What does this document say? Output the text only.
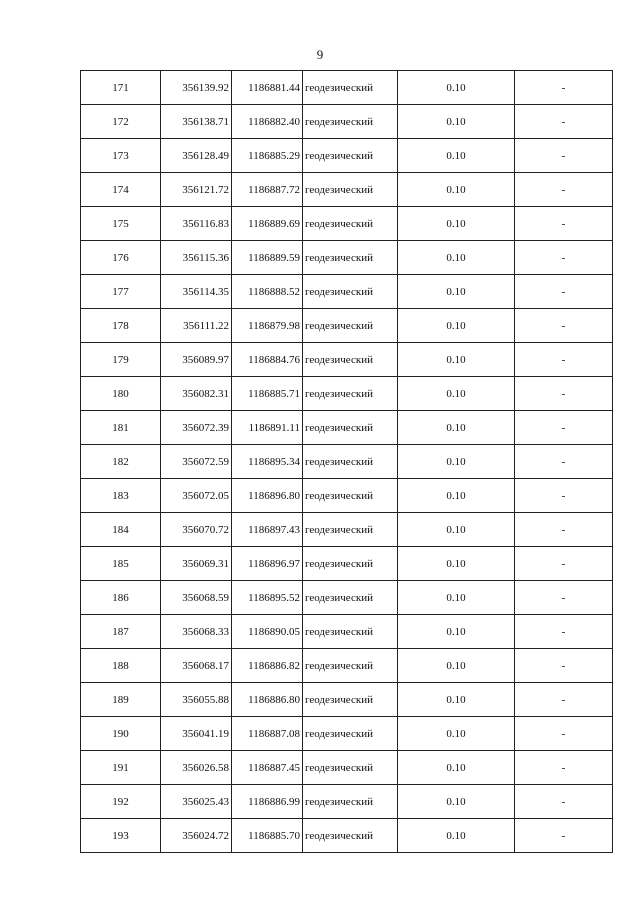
9
171	356139.92	1186881.44	геодезический	0.10	-
172	356138.71	1186882.40	геодезический	0.10	-
173	356128.49	1186885.29	геодезический	0.10	-
174	356121.72	1186887.72	геодезический	0.10	-
175	356116.83	1186889.69	геодезический	0.10	-
176	356115.36	1186889.59	геодезический	0.10	-
177	356114.35	1186888.52	геодезический	0.10	-
178	356111.22	1186879.98	геодезический	0.10	-
179	356089.97	1186884.76	геодезический	0.10	-
180	356082.31	1186885.71	геодезический	0.10	-
181	356072.39	1186891.11	геодезический	0.10	-
182	356072.59	1186895.34	геодезический	0.10	-
183	356072.05	1186896.80	геодезический	0.10	-
184	356070.72	1186897.43	геодезический	0.10	-
185	356069.31	1186896.97	геодезический	0.10	-
186	356068.59	1186895.52	геодезический	0.10	-
187	356068.33	1186890.05	геодезический	0.10	-
188	356068.17	1186886.82	геодезический	0.10	-
189	356055.88	1186886.80	геодезический	0.10	-
190	356041.19	1186887.08	геодезический	0.10	-
191	356026.58	1186887.45	геодезический	0.10	-
192	356025.43	1186886.99	геодезический	0.10	-
193	356024.72	1186885.70	геодезический	0.10	-
